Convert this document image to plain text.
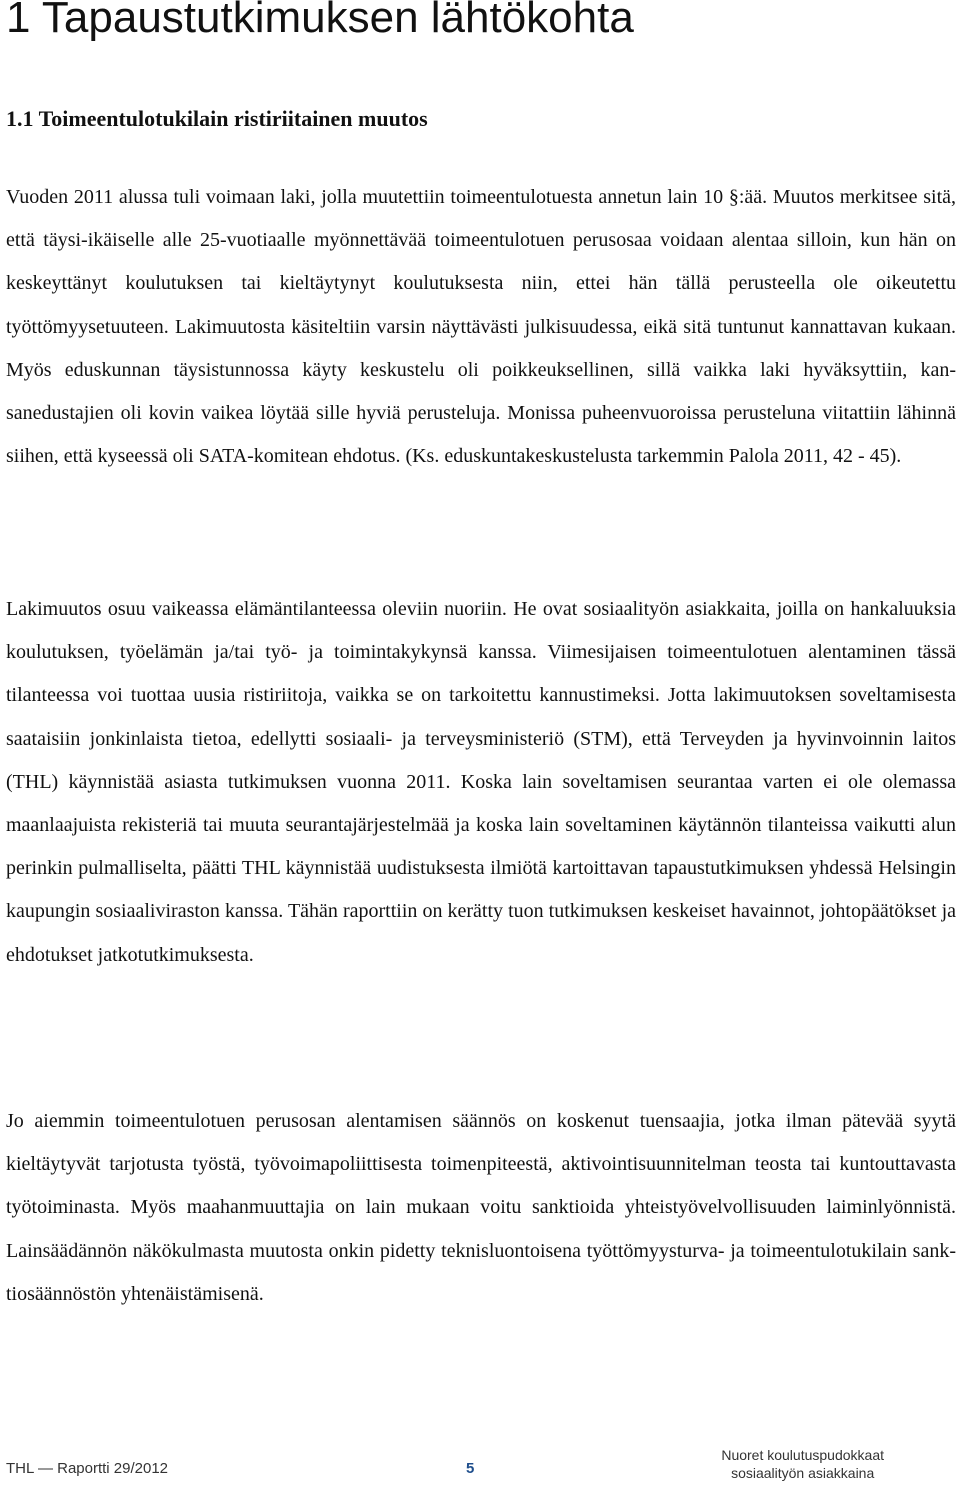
1 Tapaustutkimuksen lähtökohta
1.1 Toimeentulotukilain ristiriitainen muutos

Vuoden 2011 alussa tuli voimaan laki, jolla muutettiin toimeentulotuesta annetun lain 10 §:ää. Muutos merkitsee sitä, että täysi-ikäiselle alle 25-vuotiaalle myönnettävää toimeentulotuen perusosaa voidaan alentaa silloin, kun hän on keskeyttänyt koulutuksen tai kieltäytynyt koulutuksesta niin, ettei hän tällä perusteella ole oikeutettu työttömyysetuuteen. Lakimuutosta käsiteltiin varsin näyttävästi julkisuudessa, eikä sitä tuntunut kannattavan kukaan. Myös eduskunnan täysistunnossa käyty keskustelu oli poikkeuksellinen, sillä vaikka laki hyväksyttiin, kansanedustajien oli kovin vaikea löytää sille hyviä perusteluja. Monissa puheenvuoroissa perusteluna viitattiin lähinnä siihen, että kyseessä oli SATA-komitean ehdotus. (Ks. eduskuntakeskustelusta tarkemmin Palola 2011, 42 - 45).

Lakimuutos osuu vaikeassa elämäntilanteessa oleviin nuoriin. He ovat sosiaalityön asiakkaita, joilla on hankaluuksia koulutuksen, työelämän ja/tai työ- ja toimintakykynsä kanssa. Viimesijaisen toimeentulotuen alentaminen tässä tilanteessa voi tuottaa uusia ristiriitoja, vaikka se on tarkoitettu kannustimeksi. Jotta lakimuutoksen soveltamisesta saataisiin jonkinlaista tietoa, edellytti sosiaali- ja terveysministeriö (STM), että Terveyden ja hyvinvoinnin laitos (THL) käynnistää asiasta tutkimuksen vuonna 2011. Koska lain soveltamisen seurantaa varten ei ole olemassa maanlaajuista rekisteriä tai muuta seurantajärjestelmää ja koska lain soveltaminen käytännön tilanteissa vaikutti alun perinkin pulmalliselta, päätti THL käynnistää uudistuksesta ilmiötä kartoittavan tapaustutkimuksen yhdessä Helsingin kaupungin sosiaaliviraston kanssa. Tähän raporttiin on kerätty tuon tutkimuksen keskeiset havainnot, johtopäätökset ja ehdotukset jatkotutkimuksesta.

Jo aiemmin toimeentulotuen perusosan alentamisen säännös on koskenut tuensaajia, jotka ilman pätevää syytä kieltäytyvät tarjotusta työstä, työvoimapoliittisesta toimenpiteestä, aktivointisuunnitelman teosta tai kuntouttavasta työtoiminasta. Myös maahanmuuttajia on lain mukaan voitu sanktioida yhteistyövelvollisuuden laiminlyönnistä. Lainsäädännön näkökulmasta muutosta onkin pidetty teknisluontoisena työttömyysturva- ja toimeentulotukilain sanktiosäännöstön yhtenäistämisenä.

THL — Raportti 29/2012	5
Nuoret koulutuspudokkaat
sosiaalityön asiakkaina
